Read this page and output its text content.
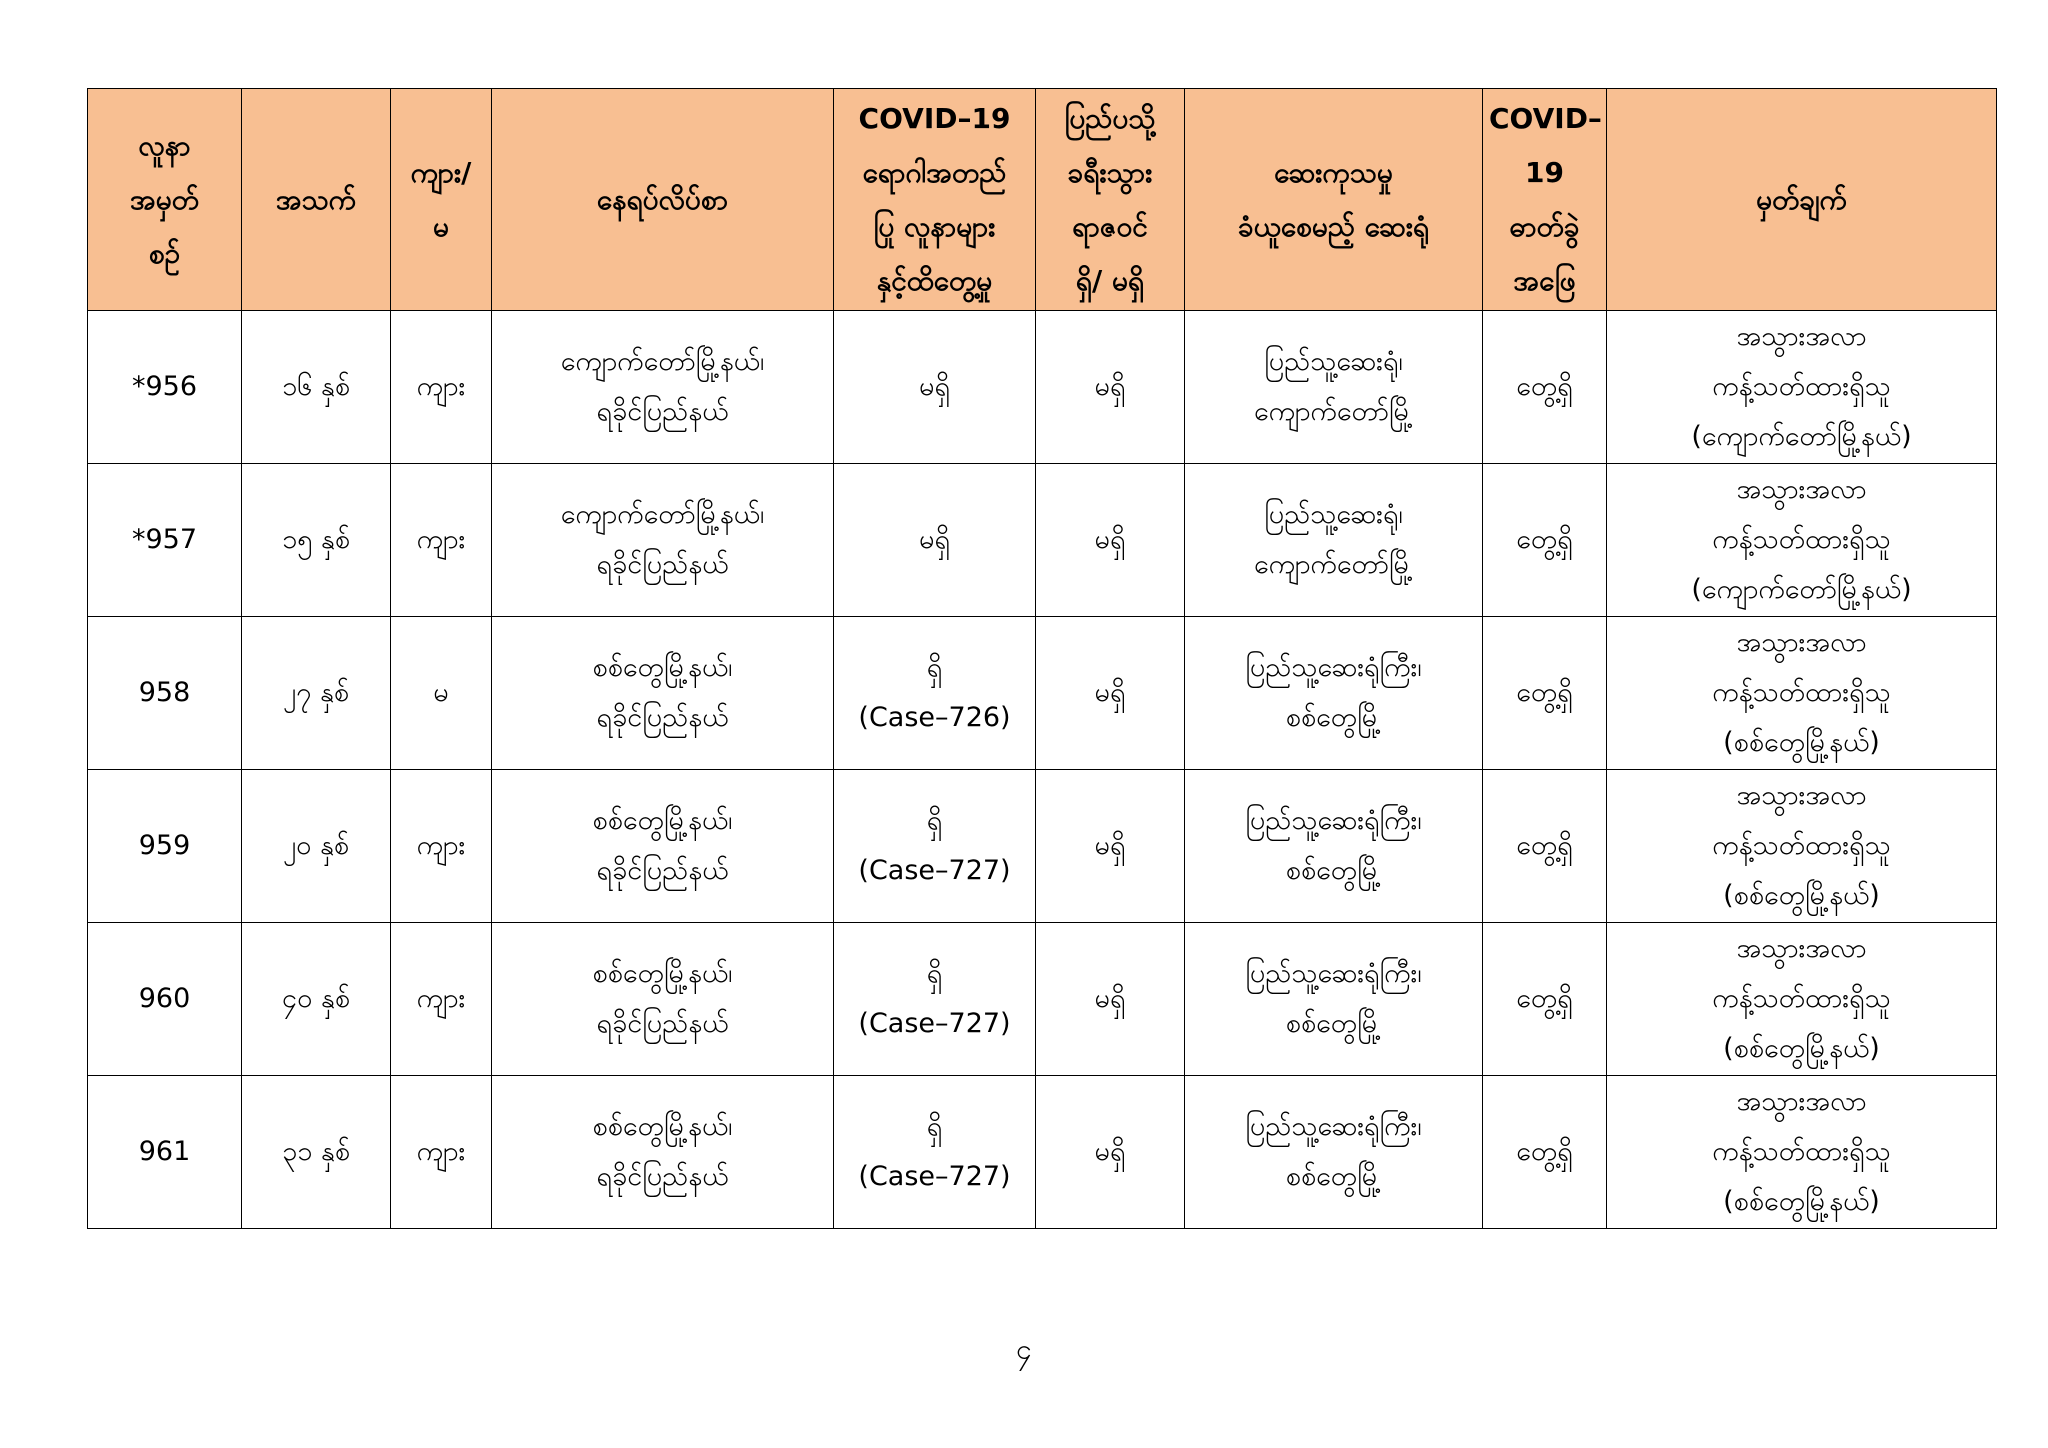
လူနာ
အမှတ်
စဉ်	အသက်	ကျား/
မ	နေရပ်လိပ်စာ	COVID–19
ရောဂါအတည်
ပြု လူနာများ
နှင့်ထိတွေ့မှု	ပြည်ပသို့
ခရီးသွား
ရာဇဝင်
ရှိ/ မရှိ	ဆေးကုသမှု
ခံယူစေမည့် ဆေးရုံ	COVID–
19
ဓာတ်ခွဲ
အဖြေ	မှတ်ချက်

*956	၁၆ နှစ်	ကျား	ကျောက်တော်မြို့နယ်၊
ရခိုင်ပြည်နယ်	မရှိ	မရှိ	ပြည်သူ့ဆေးရုံ၊
ကျောက်တော်မြို့	တွေ့ရှိ	အသွားအလာ
ကန့်သတ်ထားရှိသူ
(ကျောက်တော်မြို့နယ်)

*957	၁၅ နှစ်	ကျား	ကျောက်တော်မြို့နယ်၊
ရခိုင်ပြည်နယ်	မရှိ	မရှိ	ပြည်သူ့ဆေးရုံ၊
ကျောက်တော်မြို့	တွေ့ရှိ	အသွားအလာ
ကန့်သတ်ထားရှိသူ
(ကျောက်တော်မြို့နယ်)

958	၂၇ နှစ်	မ	စစ်တွေမြို့နယ်၊
ရခိုင်ပြည်နယ်	ရှိ
(Case–726)	မရှိ	ပြည်သူ့ဆေးရုံကြီး၊
စစ်တွေမြို့	တွေ့ရှိ	အသွားအလာ
ကန့်သတ်ထားရှိသူ
(စစ်တွေမြို့နယ်)

959	၂၀ နှစ်	ကျား	စစ်တွေမြို့နယ်၊
ရခိုင်ပြည်နယ်	ရှိ
(Case–727)	မရှိ	ပြည်သူ့ဆေးရုံကြီး၊
စစ်တွေမြို့	တွေ့ရှိ	အသွားအလာ
ကန့်သတ်ထားရှိသူ
(စစ်တွေမြို့နယ်)

960	၄၀ နှစ်	ကျား	စစ်တွေမြို့နယ်၊
ရခိုင်ပြည်နယ်	ရှိ
(Case–727)	မရှိ	ပြည်သူ့ဆေးရုံကြီး၊
စစ်တွေမြို့	တွေ့ရှိ	အသွားအလာ
ကန့်သတ်ထားရှိသူ
(စစ်တွေမြို့နယ်)

961	၃၁ နှစ်	ကျား	စစ်တွေမြို့နယ်၊
ရခိုင်ပြည်နယ်	ရှိ
(Case–727)	မရှိ	ပြည်သူ့ဆေးရုံကြီး၊
စစ်တွေမြို့	တွေ့ရှိ	အသွားအလာ
ကန့်သတ်ထားရှိသူ
(စစ်တွေမြို့နယ်)
၄
